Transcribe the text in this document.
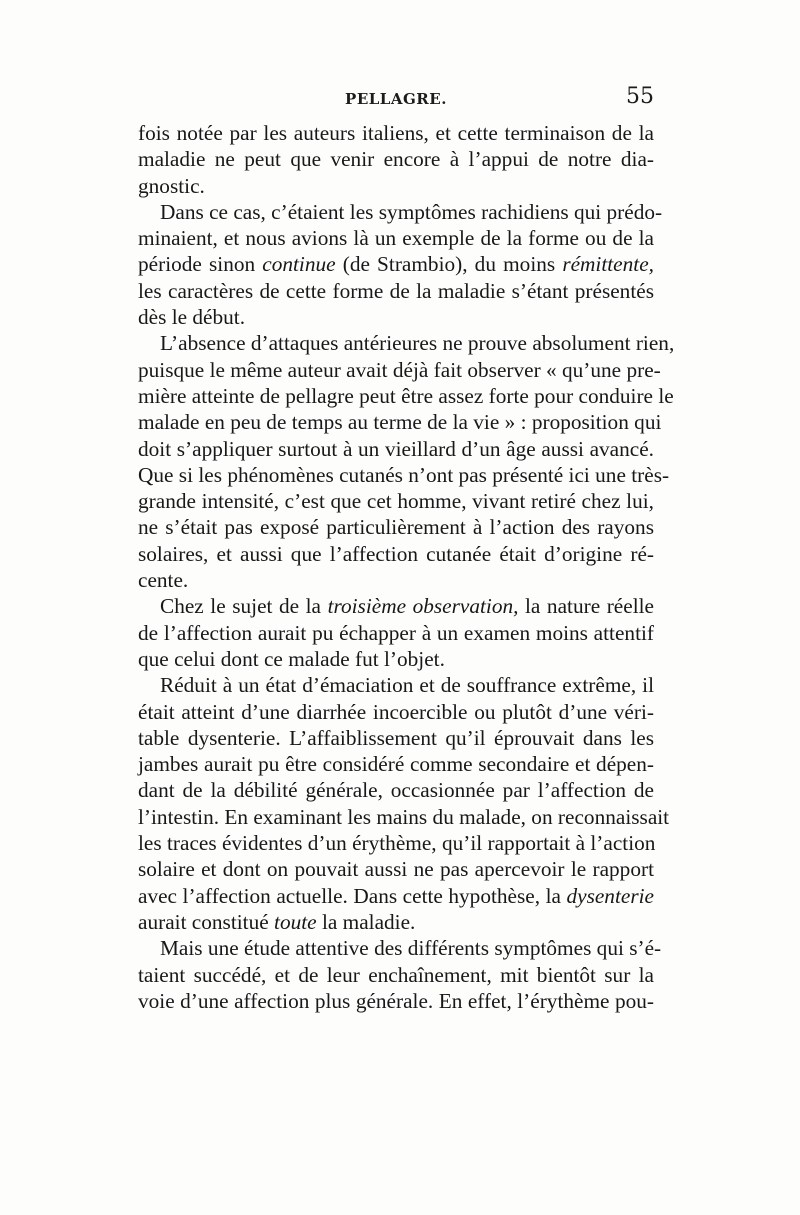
PELLAGRE.	55
fois notée par les auteurs italiens, et cette terminaison de la
maladie ne peut que venir encore à l’appui de notre dia-
gnostic.
Dans ce cas, c’étaient les symptômes rachidiens qui prédo-
minaient, et nous avions là un exemple de la forme ou de la
période sinon continue (de Strambio), du moins rémittente,
les caractères de cette forme de la maladie s’étant présentés
dès le début.
L’absence d’attaques antérieures ne prouve absolument rien,
puisque le même auteur avait déjà fait observer « qu’une pre-
mière atteinte de pellagre peut être assez forte pour conduire le
malade en peu de temps au terme de la vie » : proposition qui
doit s’appliquer surtout à un vieillard d’un âge aussi avancé.
Que si les phénomènes cutanés n’ont pas présenté ici une très-
grande intensité, c’est que cet homme, vivant retiré chez lui,
ne s’était pas exposé particulièrement à l’action des rayons
solaires, et aussi que l’affection cutanée était d’origine ré-
cente.
Chez le sujet de la troisième observation, la nature réelle
de l’affection aurait pu échapper à un examen moins attentif
que celui dont ce malade fut l’objet.
Réduit à un état d’émaciation et de souffrance extrême, il
était atteint d’une diarrhée incoercible ou plutôt d’une véri-
table dysenterie. L’affaiblissement qu’il éprouvait dans les
jambes aurait pu être considéré comme secondaire et dépen-
dant de la débilité générale, occasionnée par l’affection de
l’intestin. En examinant les mains du malade, on reconnaissait
les traces évidentes d’un érythème, qu’il rapportait à l’action
solaire et dont on pouvait aussi ne pas apercevoir le rapport
avec l’affection actuelle. Dans cette hypothèse, la dysenterie
aurait constitué toute la maladie.
Mais une étude attentive des différents symptômes qui s’é-
taient succédé, et de leur enchaînement, mit bientôt sur la
voie d’une affection plus générale. En effet, l’érythème pou-
